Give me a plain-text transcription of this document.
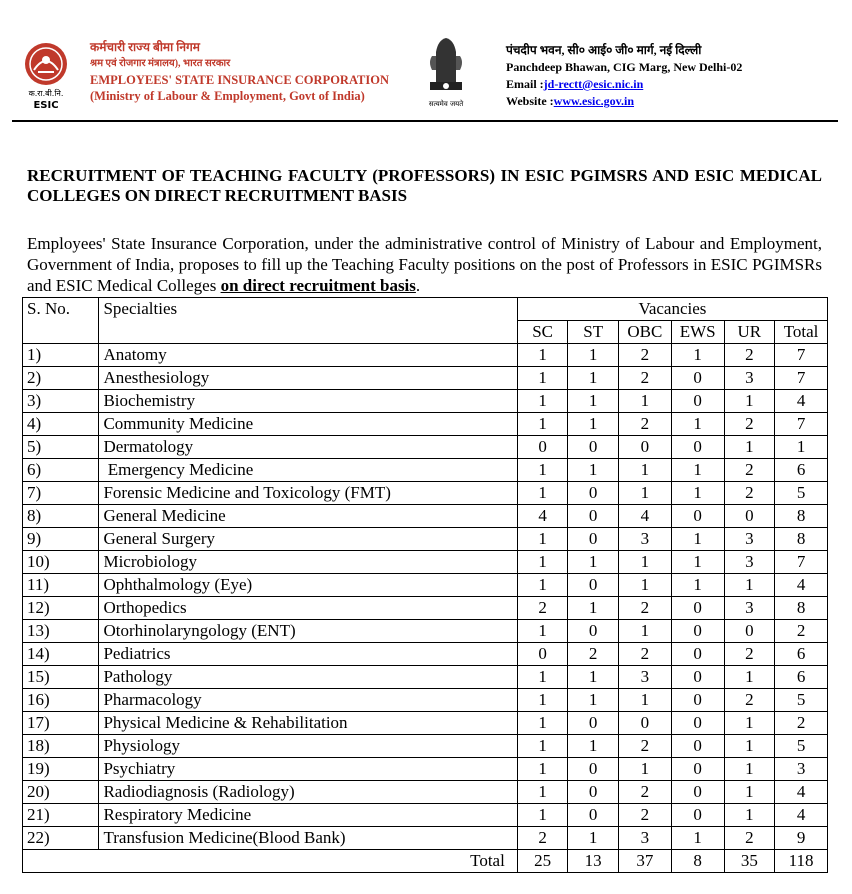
क.रा.बी.नि.
ESIC
कर्मचारी राज्य बीमा निगम
श्रम एवं रोजगार मंत्रालय), भारत सरकार
EMPLOYEES' STATE INSURANCE CORPORATION
(Ministry of Labour & Employment, Govt of India)
सत्यमेव जयते
पंचदीप भवन, सी० आई० जी० मार्ग, नई दिल्ली
Panchdeep Bhawan, CIG Marg, New Delhi-02
Email :jd-rectt@esic.nic.in
Website :www.esic.gov.in
RECRUITMENT OF TEACHING FACULTY (PROFESSORS) IN ESIC PGIMSRS AND ESIC MEDICAL COLLEGES ON DIRECT RECRUITMENT BASIS
Employees' State Insurance Corporation, under the administrative control of Ministry of Labour and Employment, Government of India, proposes to fill up the Teaching Faculty positions on the post of Professors in ESIC PGIMSRs and ESIC Medical Colleges on direct recruitment basis.
S. No.	Specialties	Vacancies					
		SC	ST	OBC	EWS	UR	Total
1)	Anatomy	1	1	2	1	2	7
2)	Anesthesiology	1	1	2	0	3	7
3)	Biochemistry	1	1	1	0	1	4
4)	Community Medicine	1	1	2	1	2	7
5)	Dermatology	0	0	0	0	1	1
6)	Emergency Medicine	1	1	1	1	2	6
7)	Forensic Medicine and Toxicology (FMT)	1	0	1	1	2	5
8)	General Medicine	4	0	4	0	0	8
9)	General Surgery	1	0	3	1	3	8
10)	Microbiology	1	1	1	1	3	7
11)	Ophthalmology (Eye)	1	0	1	1	1	4
12)	Orthopedics	2	1	2	0	3	8
13)	Otorhinolaryngology (ENT)	1	0	1	0	0	2
14)	Pediatrics	0	2	2	0	2	6
15)	Pathology	1	1	3	0	1	6
16)	Pharmacology	1	1	1	0	2	5
17)	Physical Medicine & Rehabilitation	1	0	0	0	1	2
18)	Physiology	1	1	2	0	1	5
19)	Psychiatry	1	0	1	0	1	3
20)	Radiodiagnosis (Radiology)	1	0	2	0	1	4
21)	Respiratory Medicine	1	0	2	0	1	4
22)	Transfusion Medicine(Blood Bank)	2	1	3	1	2	9
Total		25	13	37	8	35	118
